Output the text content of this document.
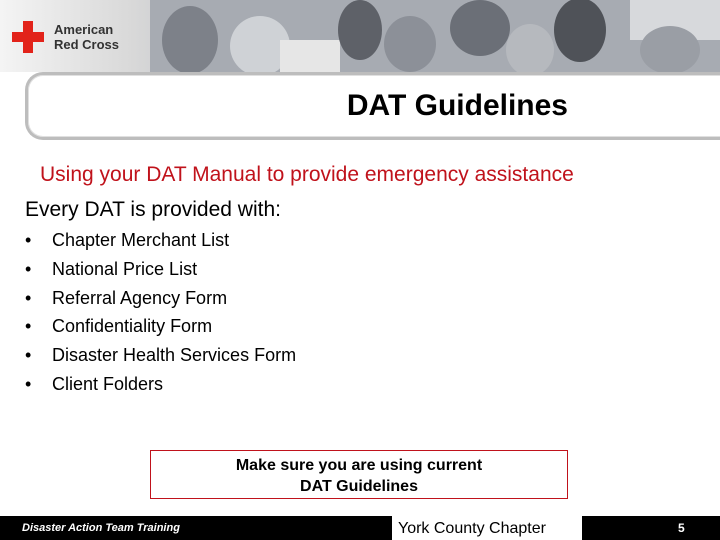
American
Red Cross
DAT Guidelines
Using your DAT Manual to provide emergency assistance
Every DAT is provided with:
• Chapter Merchant List
• National Price List
• Referral Agency Form
• Confidentiality Form
• Disaster Health Services Form
• Client Folders
Make sure you are using current
DAT Guidelines
Disaster Action Team Training	York County Chapter	5
